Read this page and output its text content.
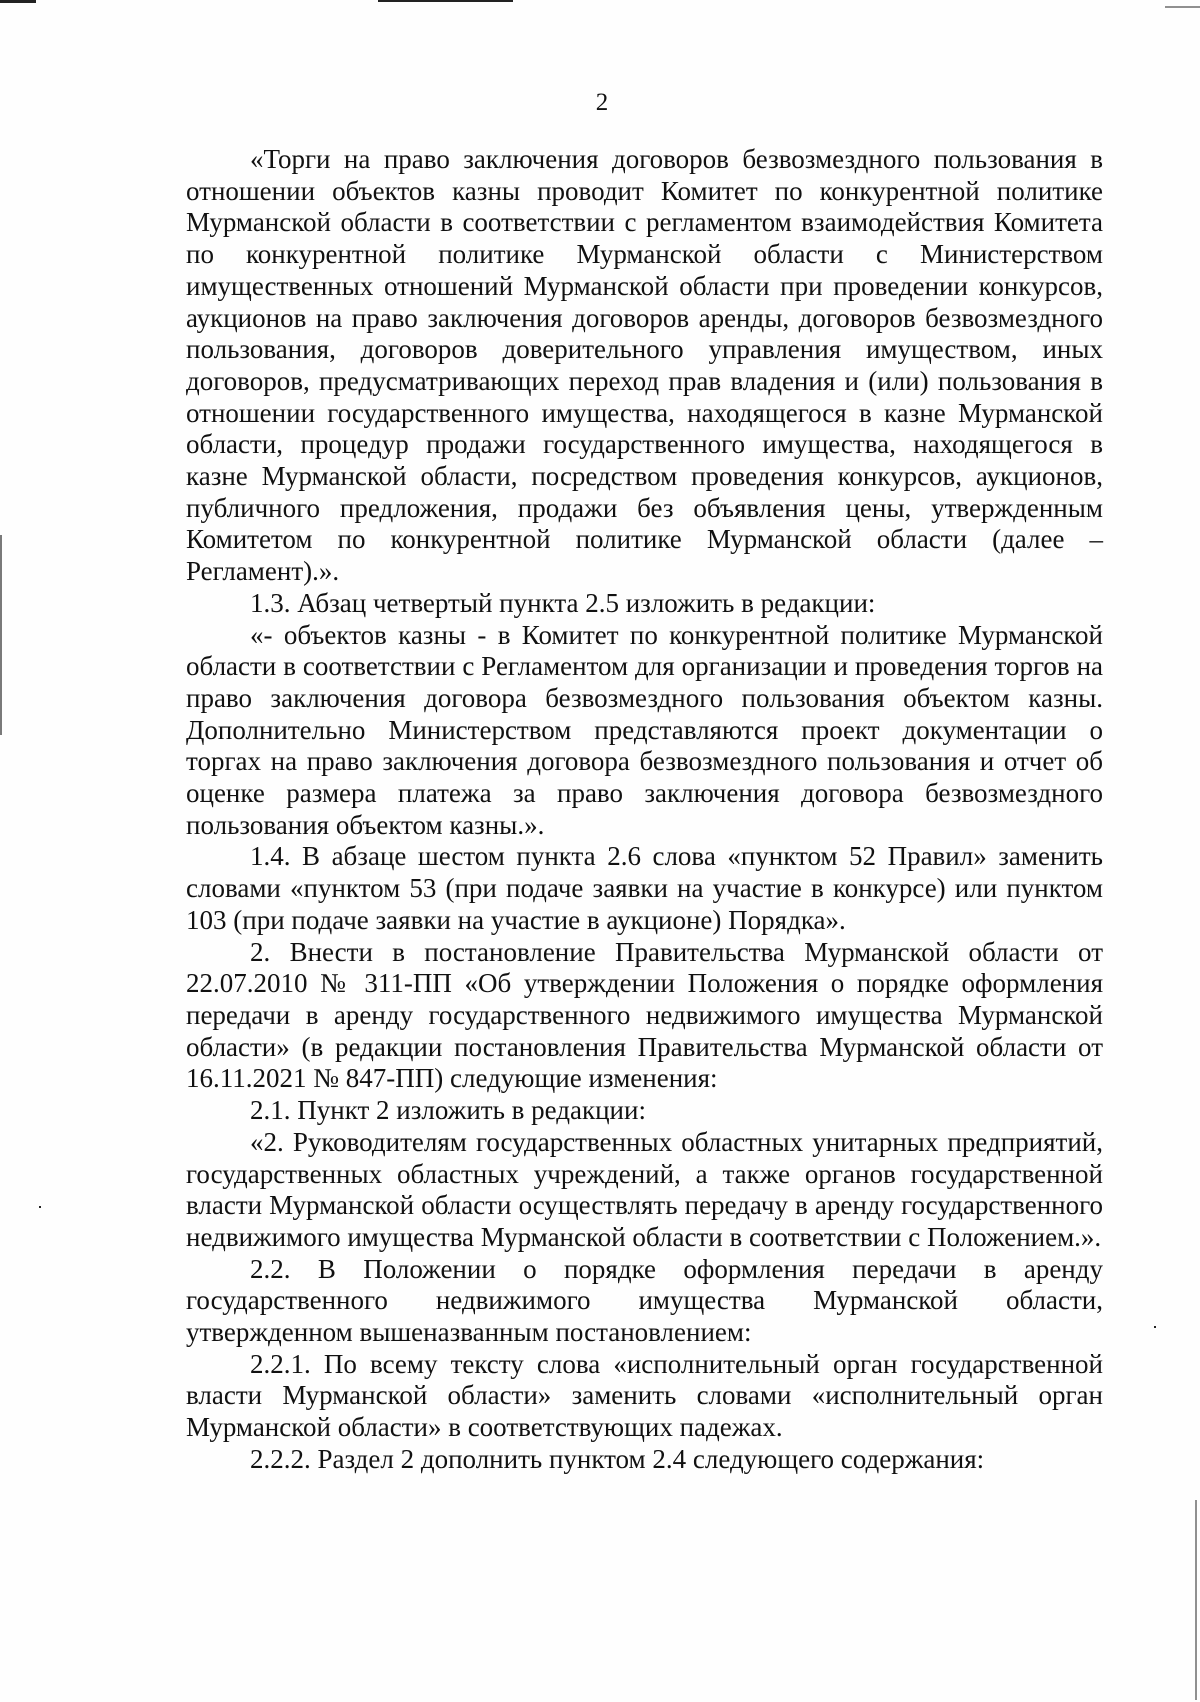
2

«Торги на право заключения договоров безвозмездного пользования в отношении объектов казны проводит Комитет по конкурентной политике Мурманской области в соответствии с регламентом взаимодействия Комитета по конкурентной политике Мурманской области с Министерством имущественных отношений Мурманской области при проведении конкурсов, аукционов на право заключения договоров аренды, договоров безвозмездного пользования, договоров доверительного управления имуществом, иных договоров, предусматривающих переход прав владения и (или) пользования в отношении государственного имущества, находящегося в казне Мурманской области, процедур продажи государственного имущества, находящегося в казне Мурманской области, посредством проведения конкурсов, аукционов, публичного предложения, продажи без объявления цены, утвержденным Комитетом по конкурентной политике Мурманской области (далее – Регламент).».

1.3. Абзац четвертый пункта 2.5 изложить в редакции:

«- объектов казны - в Комитет по конкурентной политике Мурманской области в соответствии с Регламентом для организации и проведения торгов на право заключения договора безвозмездного пользования объектом казны. Дополнительно Министерством представляются проект документации о торгах на право заключения договора безвозмездного пользования и отчет об оценке размера платежа за право заключения договора безвозмездного пользования объектом казны.».

1.4. В абзаце шестом пункта 2.6 слова «пунктом 52 Правил» заменить словами «пунктом 53 (при подаче заявки на участие в конкурсе) или пунктом 103 (при подаче заявки на участие в аукционе) Порядка».

2. Внести в постановление Правительства Мурманской области от 22.07.2010 № 311-ПП «Об утверждении Положения о порядке оформления передачи в аренду государственного недвижимого имущества Мурманской области» (в редакции постановления Правительства Мурманской области от 16.11.2021 № 847-ПП) следующие изменения:

2.1. Пункт 2 изложить в редакции:

«2. Руководителям государственных областных унитарных предприятий, государственных областных учреждений, а также органов государственной власти Мурманской области осуществлять передачу в аренду государственного недвижимого имущества Мурманской области в соответствии с Положением.».

2.2. В Положении о порядке оформления передачи в аренду государственного недвижимого имущества Мурманской области, утвержденном вышеназванным постановлением:

2.2.1. По всему тексту слова «исполнительный орган государственной власти Мурманской области» заменить словами «исполнительный орган Мурманской области» в соответствующих падежах.

2.2.2. Раздел 2 дополнить пунктом 2.4 следующего содержания:
